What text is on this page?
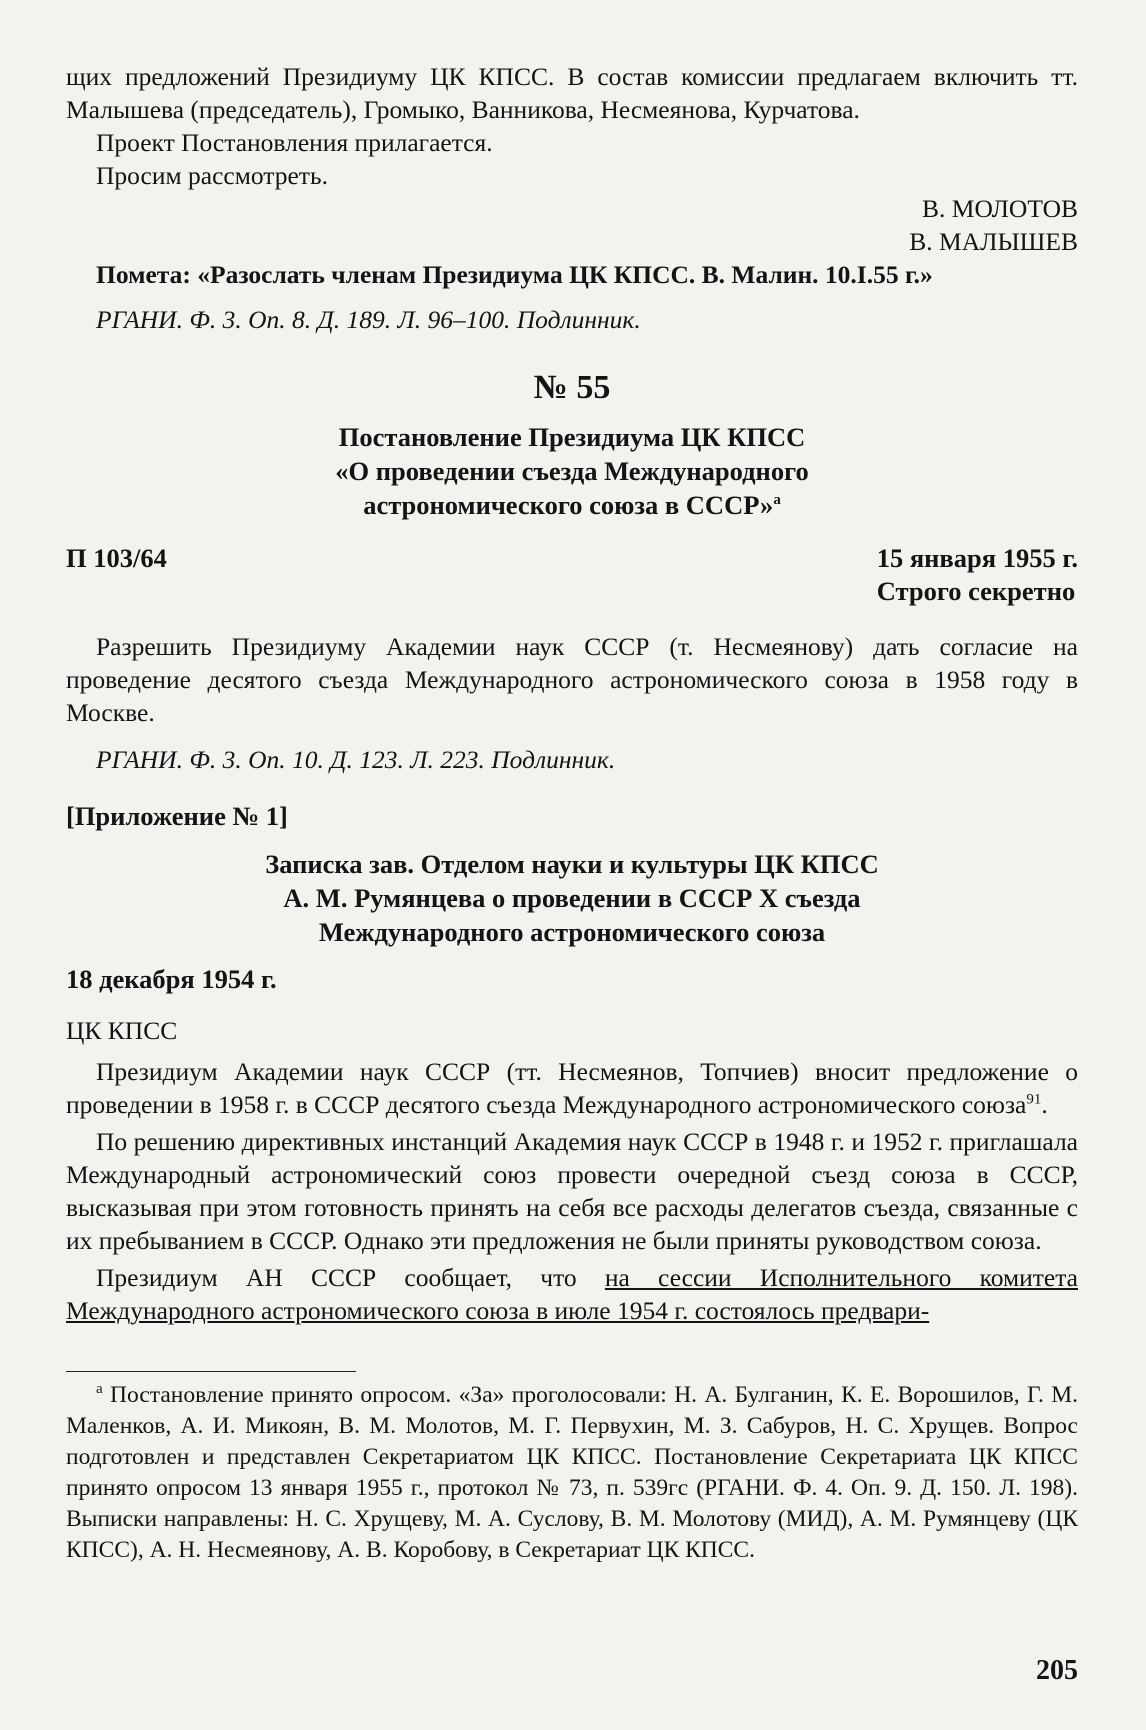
щих предложений Президиуму ЦК КПСС. В состав комиссии предлагаем включить тт. Малышева (председатель), Громыко, Ванникова, Несмеянова, Курчатова.

Проект Постановления прилагается.

Просим рассмотреть.

В. МОЛОТОВ

В. МАЛЫШЕВ

Помета: «Разослать членам Президиума ЦК КПСС. В. Малин. 10.I.55 г.»

РГАНИ. Ф. 3. Оп. 8. Д. 189. Л. 96–100. Подлинник.

№ 55

Постановление Президиума ЦК КПСС

«О проведении съезда Международного

астрономического союза в СССР»$^а$

П 103/64	15 января 1955 г.

Строго секретно

Разрешить Президиуму Академии наук СССР (т. Несмеянову) дать согласие на проведение десятого съезда Международного астрономического союза в 1958 году в Москве.

РГАНИ. Ф. 3. Оп. 10. Д. 123. Л. 223. Подлинник.

[Приложение № 1]

Записка зав. Отделом науки и культуры ЦК КПСС

А. М. Румянцева о проведении в СССР X съезда

Международного астрономического союза

18 декабря 1954 г.

ЦК КПСС

Президиум Академии наук СССР (тт. Несмеянов, Топчиев) вносит предложение о проведении в 1958 г. в СССР десятого съезда Международного астрономического союза$^{91}$.

По решению директивных инстанций Академия наук СССР в 1948 г. и 1952 г. приглашала Международный астрономический союз провести очередной съезд союза в СССР, высказывая при этом готовность принять на себя все расходы делегатов съезда, связанные с их пребыванием в СССР. Однако эти предложения не были приняты руководством союза.

Президиум АН СССР сообщает, что на сессии Исполнительного комитета Международного астрономического союза в июле 1954 г. состоялось предвари-

$^а$ Постановление принято опросом. «За» проголосовали: Н. А. Булганин, К. Е. Ворошилов, Г. М. Маленков, А. И. Микоян, В. М. Молотов, М. Г. Первухин, М. З. Сабуров, Н. С. Хрущев. Вопрос подготовлен и представлен Секретариатом ЦК КПСС. Постановление Секретариата ЦК КПСС принято опросом 13 января 1955 г., протокол № 73, п. 539гс (РГАНИ. Ф. 4. Оп. 9. Д. 150. Л. 198). Выписки направлены: Н. С. Хрущеву, М. А. Суслову, В. М. Молотову (МИД), А. М. Румянцеву (ЦК КПСС), А. Н. Несмеянову, А. В. Коробову, в Секретариат ЦК КПСС.

205
